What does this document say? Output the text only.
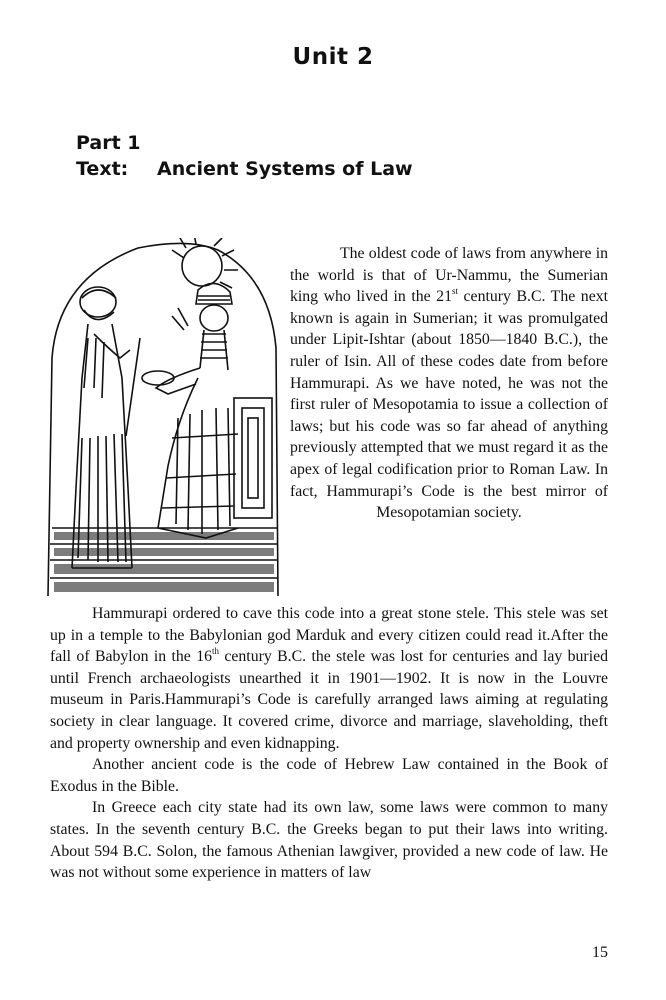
Unit 2
Part 1
Text: Ancient Systems of Law
The oldest code of laws from anywhere in the world is that of Ur-Nammu, the Sumerian king who lived in the 21st century B.C. The next known is again in Sumerian; it was promulgated under Lipit-Ishtar (about 1850—1840 B.C.), the ruler of Isin. All of these codes date from before Hammurapi. As we have noted, he was not the first ruler of Mesopotamia to issue a collection of laws; but his code was so far ahead of anything previously attempted that we must regard it as the apex of legal codification prior to Roman Law. In fact, Hammurapi’s Code is the best mirror of Mesopotamian society.

Hammurapi ordered to cave this code into a great stone stele. This stele was set up in a temple to the Babylonian god Marduk and every citizen could read it.After the fall of Babylon in the 16th century B.C. the stele was lost for centuries and lay buried until French archaeologists unearthed it in 1901—1902. It is now in the Louvre museum in Paris.Hammurapi’s Code is carefully arranged laws aiming at regulating society in clear language. It covered crime, divorce and marriage, slaveholding, theft and property ownership and even kidnapping.

Another ancient code is the code of Hebrew Law contained in the Book of Exodus in the Bible.

In Greece each city state had its own law, some laws were common to many states. In the seventh century B.C. the Greeks began to put their laws into writing. About 594 B.C. Solon, the famous Athenian lawgiver, provided a new code of law. He was not without some experience in matters of law

15
